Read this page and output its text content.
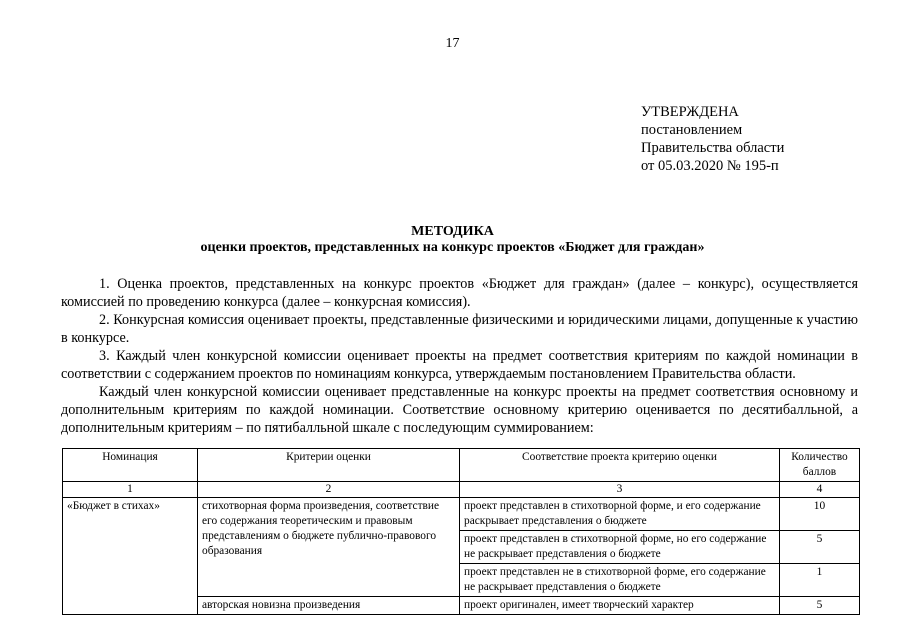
17
УТВЕРЖДЕНА
постановлением
Правительства области
от 05.03.2020 № 195-п
МЕТОДИКА
оценки проектов, представленных на конкурс проектов «Бюджет для граждан»

1. Оценка проектов, представленных на конкурс проектов «Бюджет для граждан» (далее – конкурс), осуществляется комиссией по проведению конкурса (далее – конкурсная комиссия).

2. Конкурсная комиссия оценивает проекты, представленные физическими и юридическими лицами, допущенные к участию в конкурсе.

3. Каждый член конкурсной комиссии оценивает проекты на предмет соответствия критериям по каждой номинации в соответствии с содержанием проектов по номинациям конкурса, утверждаемым постановлением Правительства области.

Каждый член конкурсной комиссии оценивает представленные на конкурс проекты на предмет соответствия основному и дополнительным критериям по каждой номинации. Соответствие основному критерию оценивается по десятибалльной, а дополнительным критериям – по пятибалльной шкале с последующим суммированием:

Номинация	Критерии оценки	Соответствие проекта критерию оценки	Количество баллов
1	2	3	4
«Бюджет в стихах»	стихотворная форма произведения, соответствие его содержания теоретическим и правовым представлениям о бюджете публично-правового образования	проект представлен в стихотворной форме, и его содержание раскрывает представления о бюджете	10
		проект представлен в стихотворной форме, но его содержание не раскрывает представления о бюджете	5
		проект представлен не в стихотворной форме, его содержание не раскрывает представления о бюджете	1
	авторская новизна произведения	проект оригинален, имеет творческий характер	5
